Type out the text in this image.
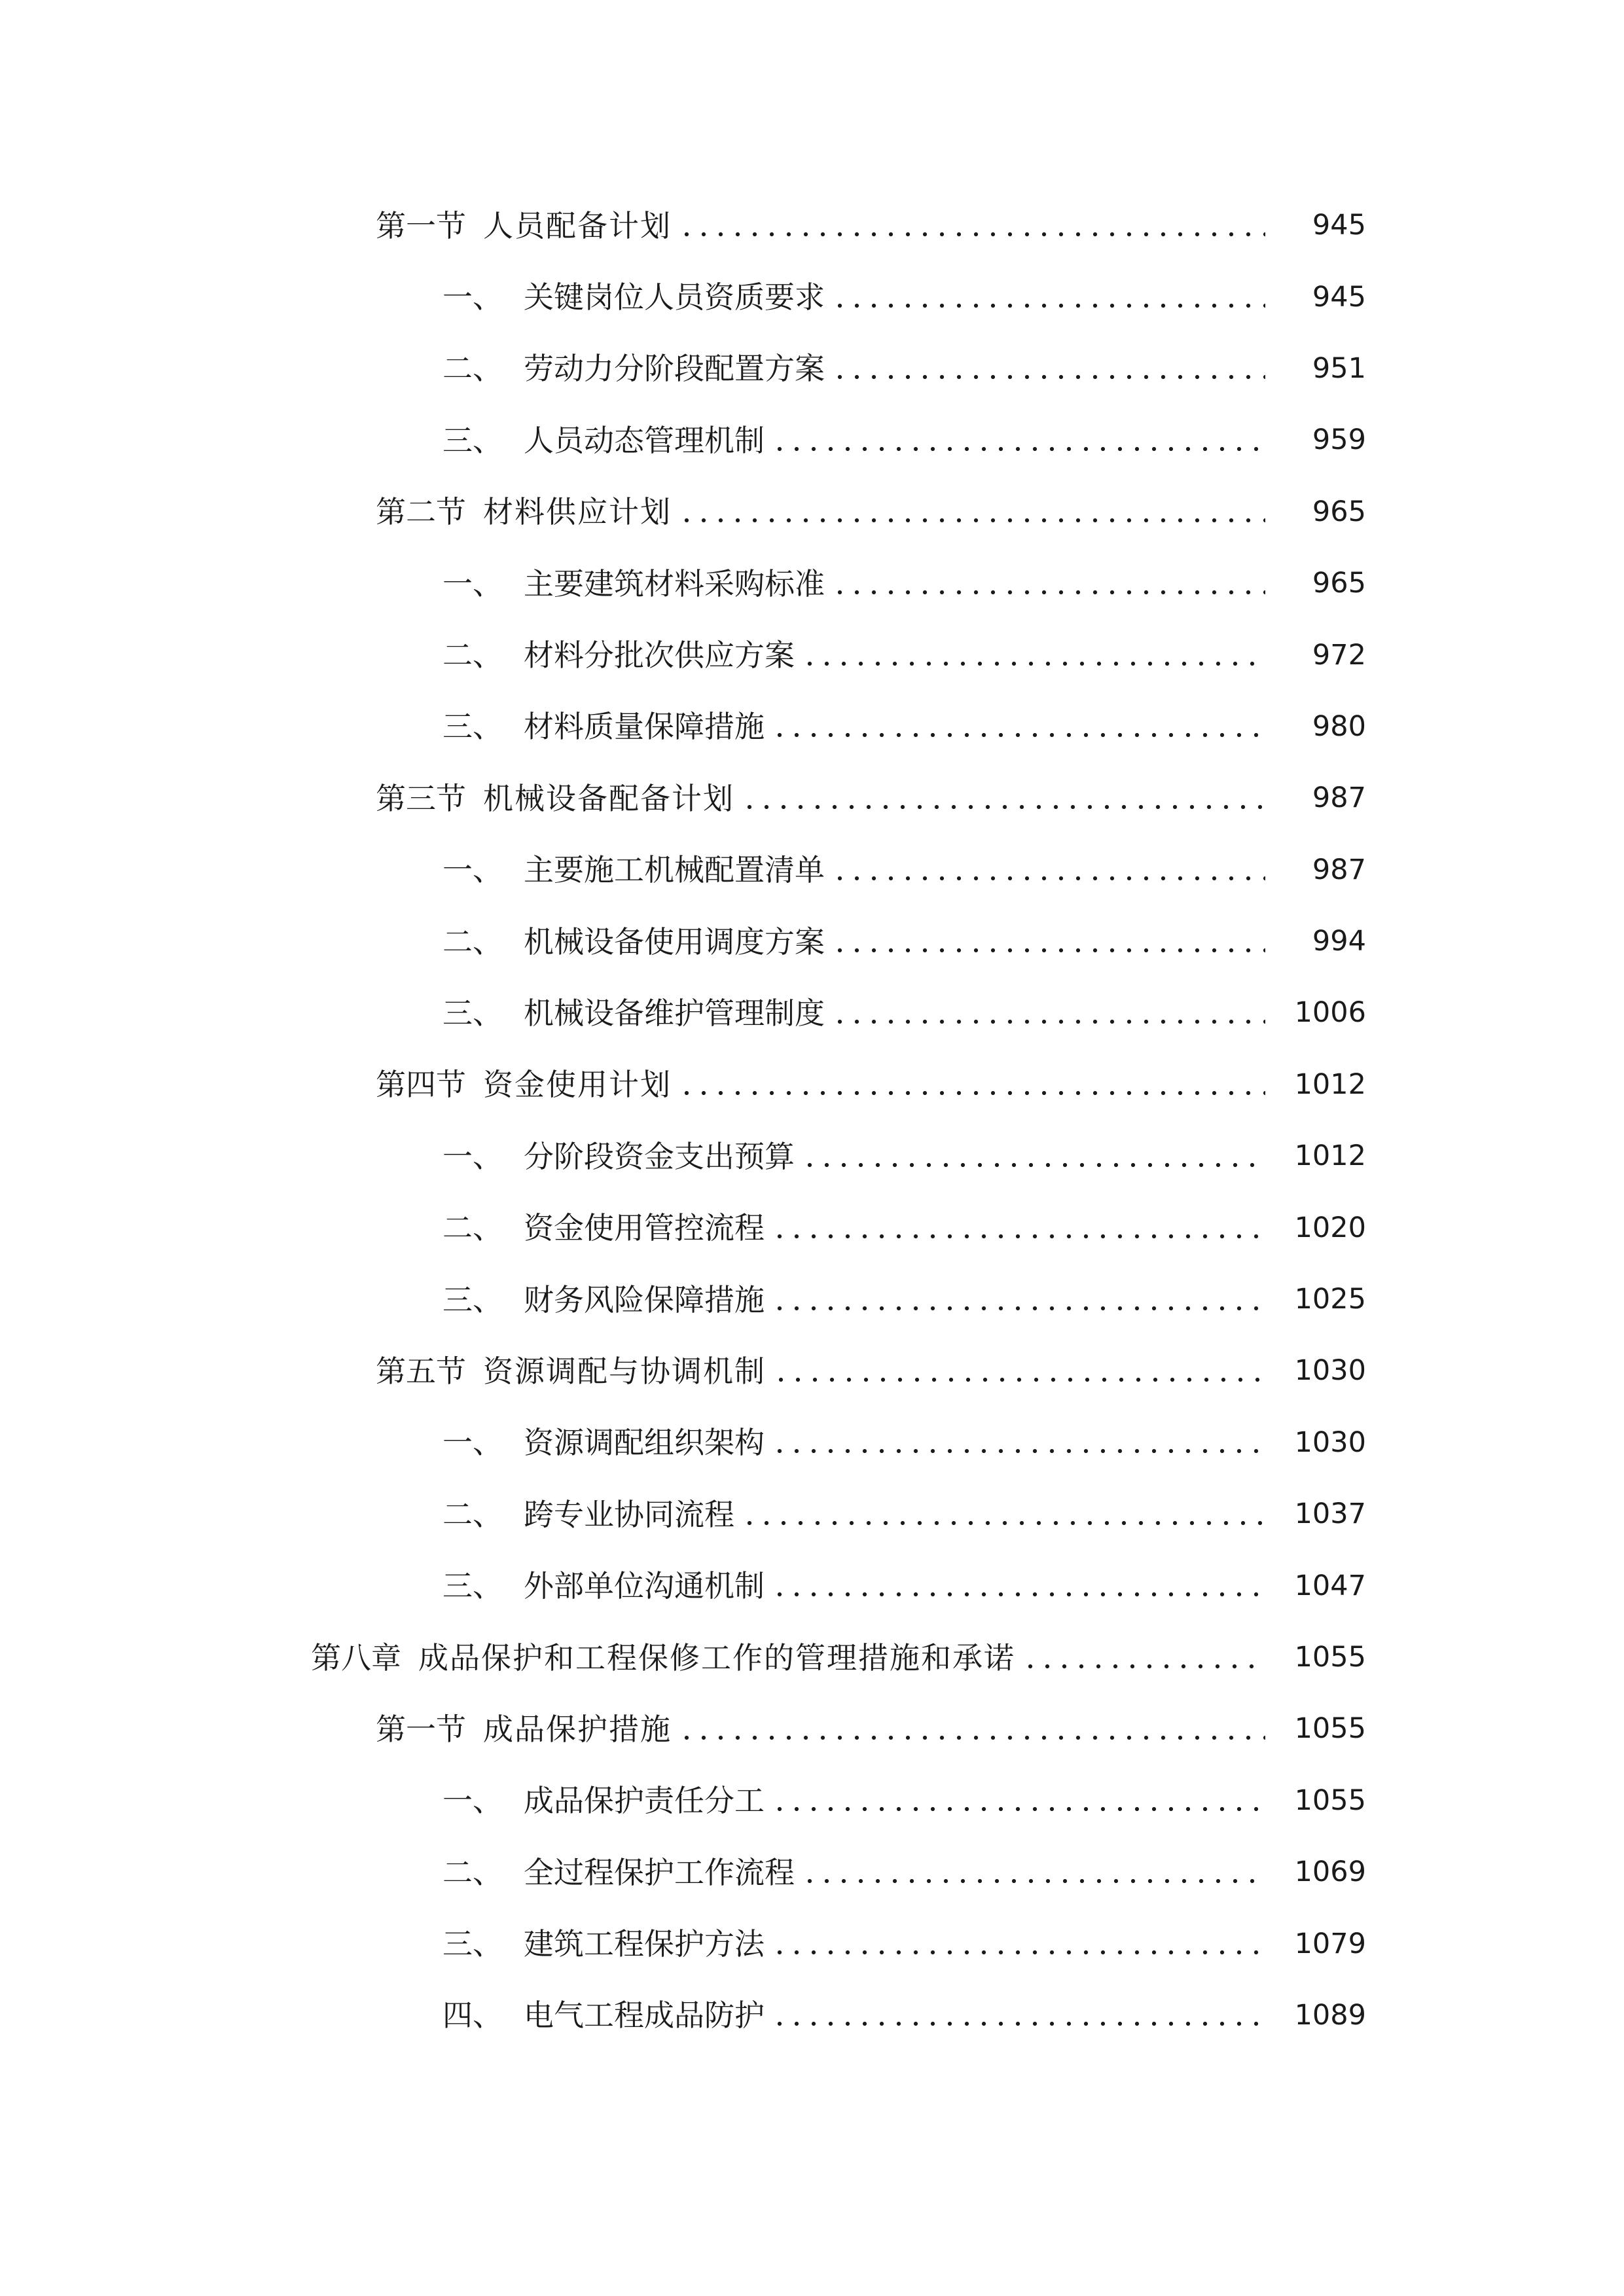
第一节 人员配备计划	945
一、 关键岗位人员资质要求	945
二、 劳动力分阶段配置方案	951
三、 人员动态管理机制	959
第二节 材料供应计划	965
一、 主要建筑材料采购标准	965
二、 材料分批次供应方案	972
三、 材料质量保障措施	980
第三节 机械设备配备计划	987
一、 主要施工机械配置清单	987
二、 机械设备使用调度方案	994
三、 机械设备维护管理制度	1006
第四节 资金使用计划	1012
一、 分阶段资金支出预算	1012
二、 资金使用管控流程	1020
三、 财务风险保障措施	1025
第五节 资源调配与协调机制	1030
一、 资源调配组织架构	1030
二、 跨专业协同流程	1037
三、 外部单位沟通机制	1047
第八章 成品保护和工程保修工作的管理措施和承诺	1055
第一节 成品保护措施	1055
一、 成品保护责任分工	1055
二、 全过程保护工作流程	1069
三、 建筑工程保护方法	1079
四、 电气工程成品防护	1089
